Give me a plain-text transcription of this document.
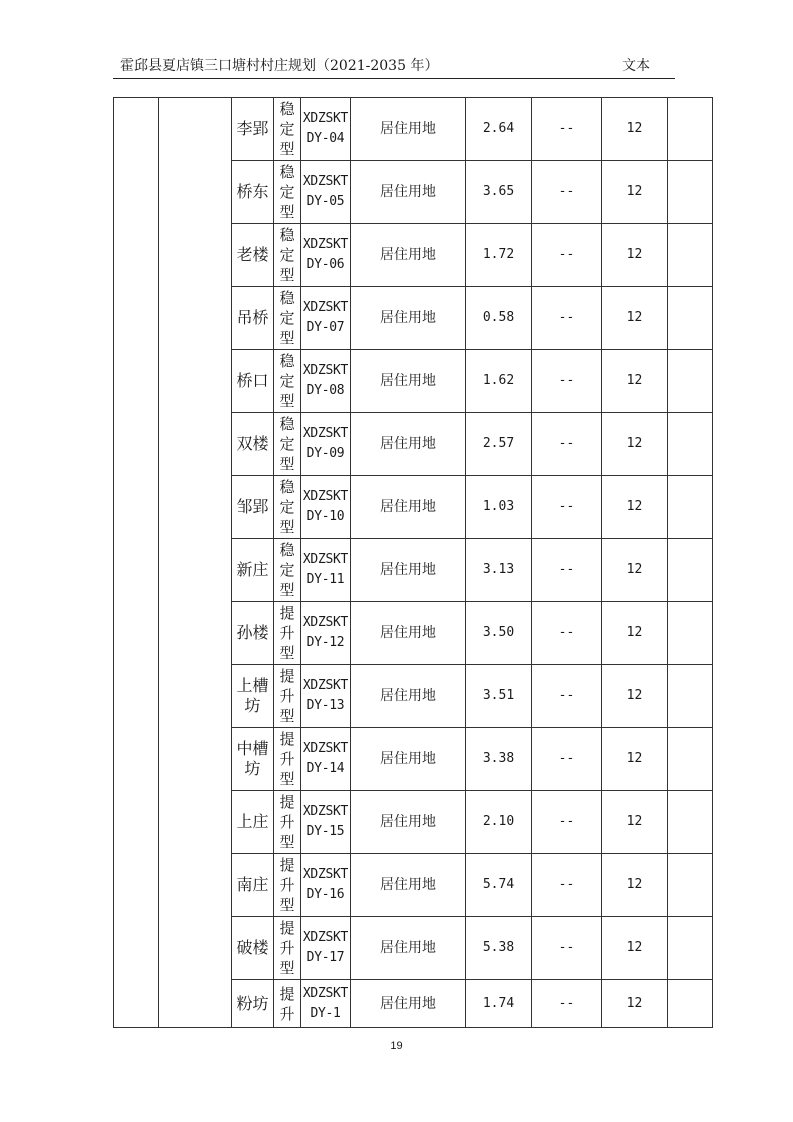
霍邱县夏店镇三口塘村村庄规划（2021-2035 年）	文本
		李郢	稳定型	XDZSKTDY-04	居住用地	2.64	--	12	
		桥东	稳定型	XDZSKTDY-05	居住用地	3.65	--	12	
		老楼	稳定型	XDZSKTDY-06	居住用地	1.72	--	12	
		吊桥	稳定型	XDZSKTDY-07	居住用地	0.58	--	12	
		桥口	稳定型	XDZSKTDY-08	居住用地	1.62	--	12	
		双楼	稳定型	XDZSKTDY-09	居住用地	2.57	--	12	
		邹郢	稳定型	XDZSKTDY-10	居住用地	1.03	--	12	
		新庄	稳定型	XDZSKTDY-11	居住用地	3.13	--	12	
		孙楼	提升型	XDZSKTDY-12	居住用地	3.50	--	12	
		上槽坊	提升型	XDZSKTDY-13	居住用地	3.51	--	12	
		中槽坊	提升型	XDZSKTDY-14	居住用地	3.38	--	12	
		上庄	提升型	XDZSKTDY-15	居住用地	2.10	--	12	
		南庄	提升型	XDZSKTDY-16	居住用地	5.74	--	12	
		破楼	提升型	XDZSKTDY-17	居住用地	5.38	--	12	
		粉坊	提升	XDZSKTDY-1	居住用地	1.74	--	12	
19
